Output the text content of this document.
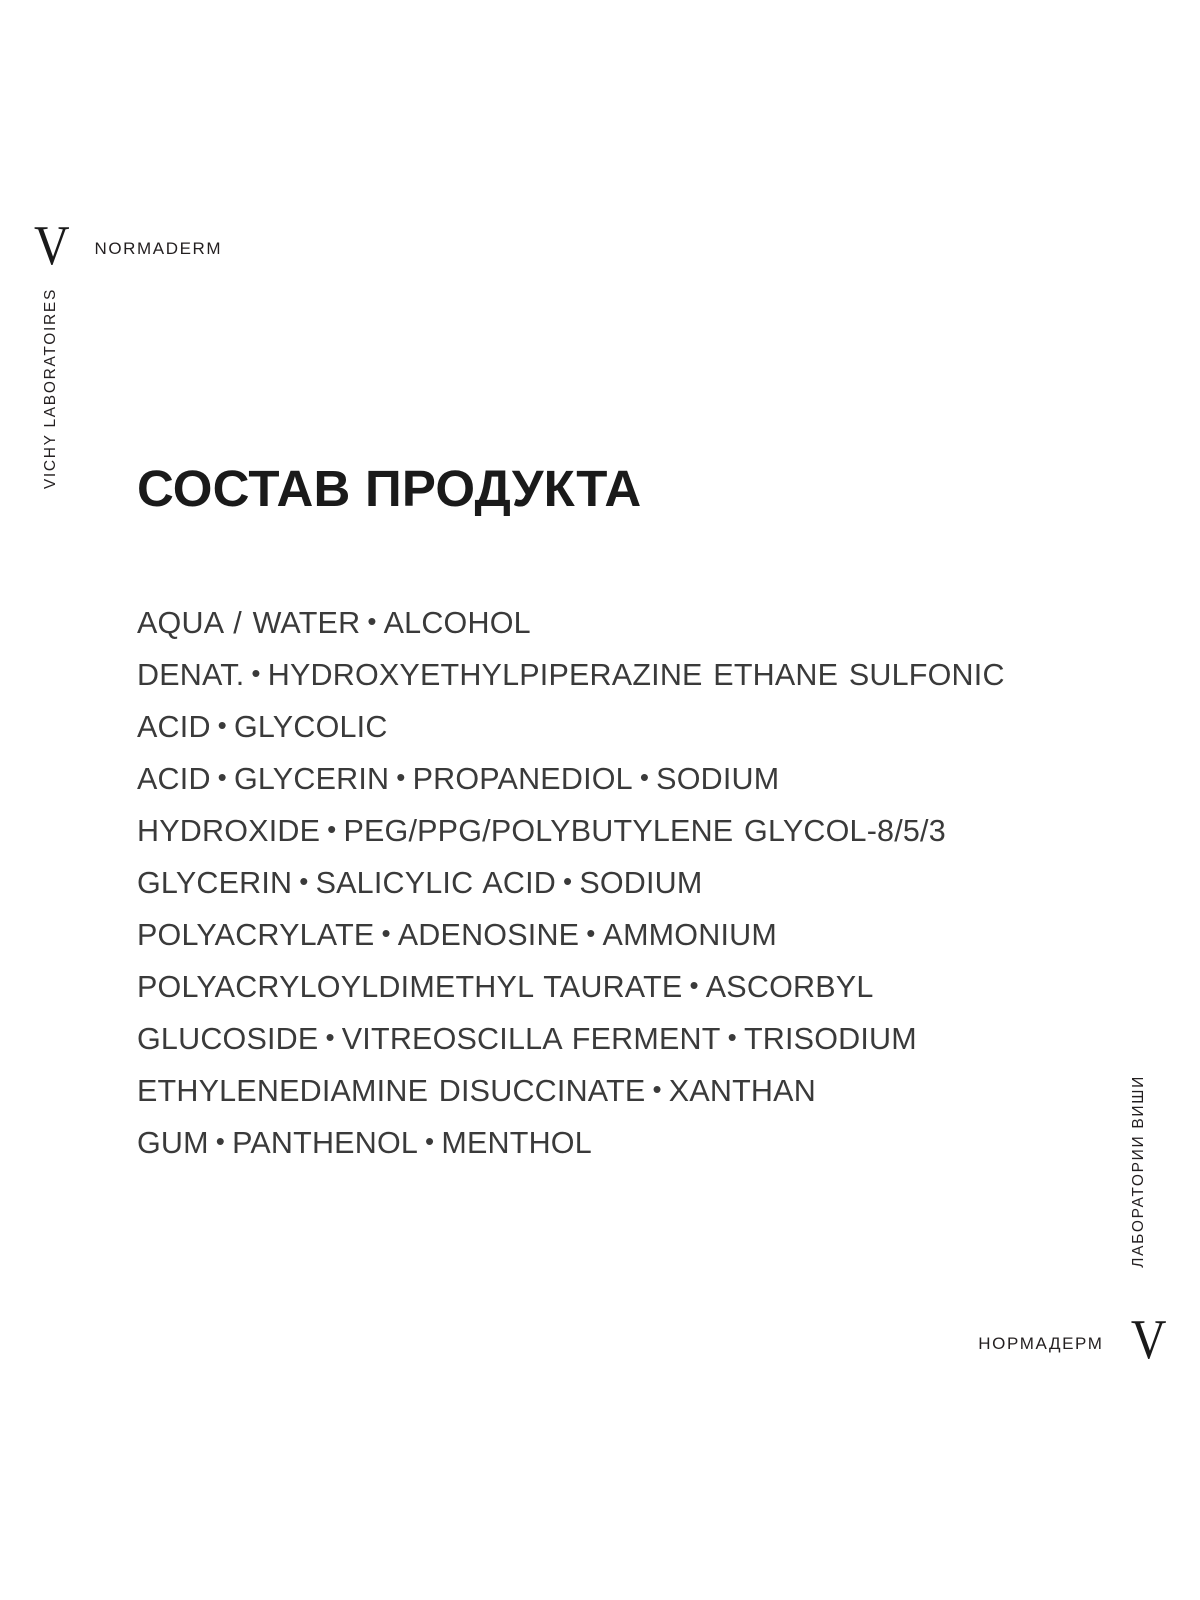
V NORMADERM
VICHY LABORATOIRES
ЛАБОРАТОРИИ ВИШИ
НОРМАДЕРМ V
СОСТАВ ПРОДУКТА
AQUA / WATER • ALCOHOL DENAT. • HYDROXYETHYLPIPERAZINE ETHANE SULFONIC ACID • GLYCOLIC ACID • GLYCERIN • PROPANEDIOL • SODIUM HYDROXIDE • PEG/PPG/POLYBUTYLENE GLYCOL-8/5/3 GLYCERIN • SALICYLIC ACID • SODIUM POLYACRYLATE • ADENOSINE • AMMONIUM POLYACRYLOYLDIMETHYL TAURATE • ASCORBYL GLUCOSIDE • VITREOSCILLA FERMENT • TRISODIUM ETHYLENEDIAMINE DISUCCINATE • XANTHAN GUM • PANTHENOL • MENTHOL
